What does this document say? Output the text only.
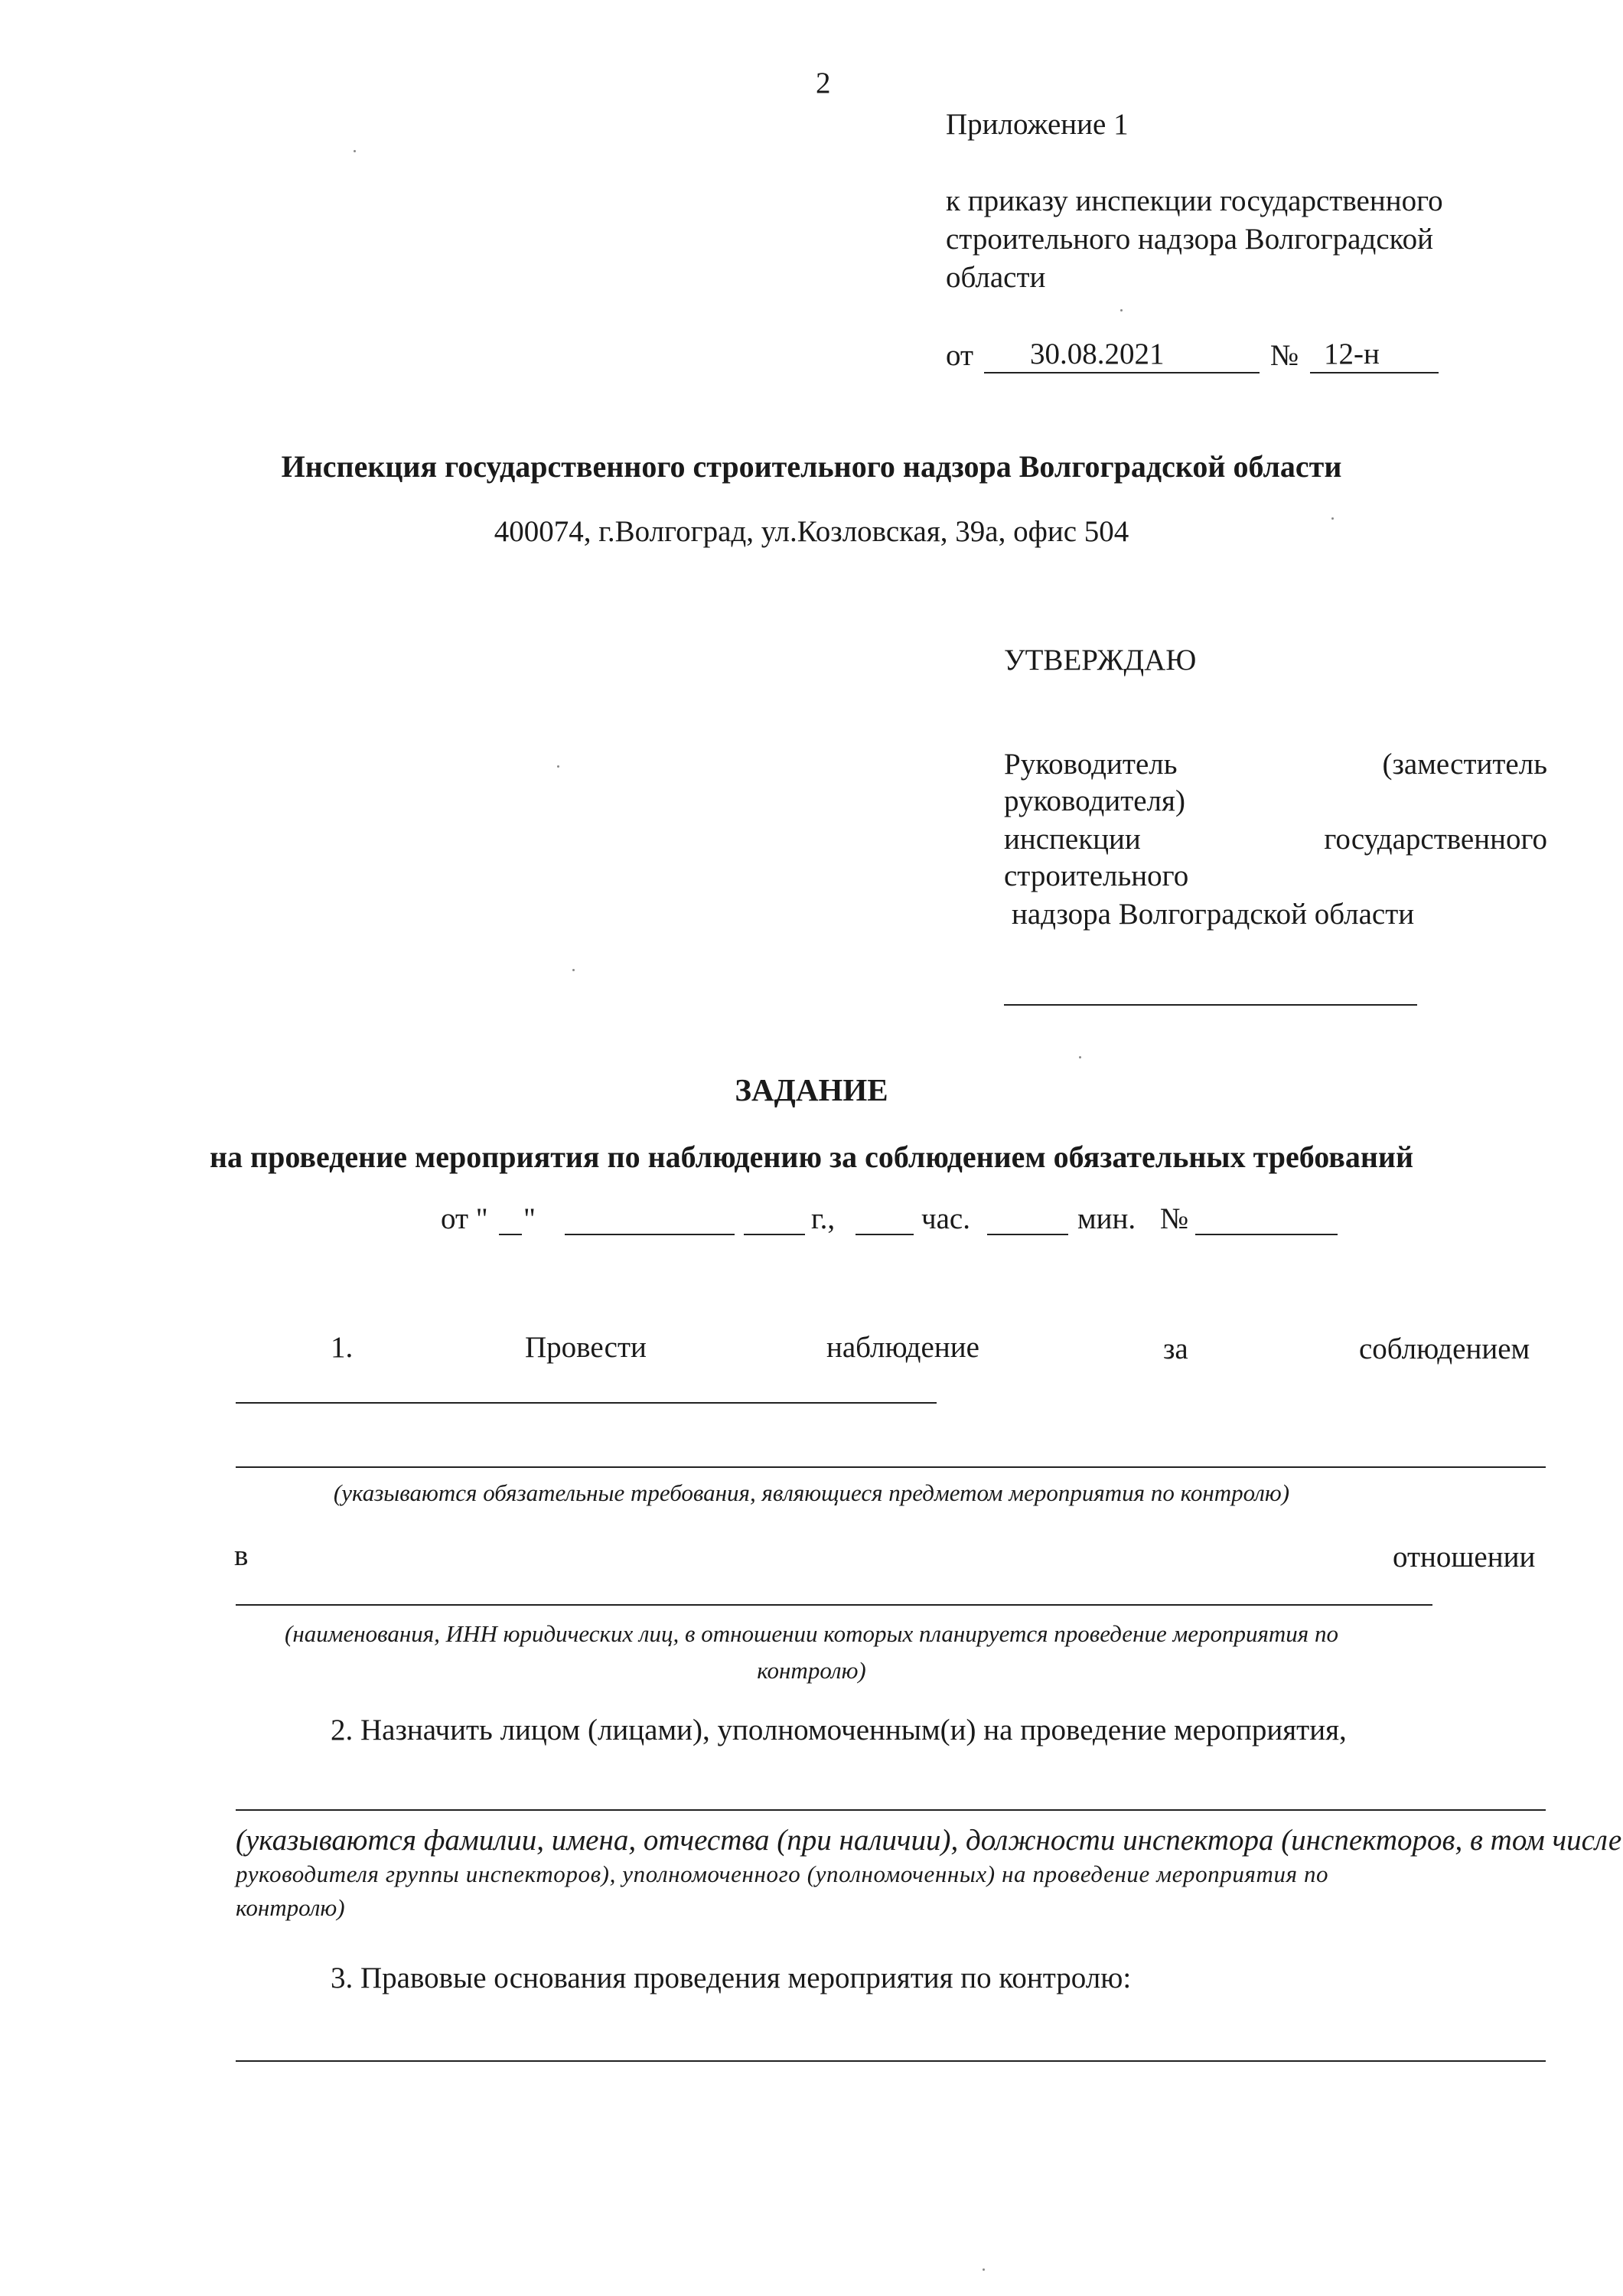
2
Приложение 1
к приказу инспекции государственного
строительного надзора Волгоградской
области
от 30.08.2021	№ 12-н
Инспекция государственного строительного надзора Волгоградской области
400074, г.Волгоград, ул.Козловская, 39а, офис 504
УТВЕРЖДАЮ
Руководитель	(заместитель
руководителя)
инспекции	государственного
строительного
надзора Волгоградской области
ЗАДАНИЕ
на проведение мероприятия по наблюдению за соблюдением обязательных требований
от " "	г.,	час.	мин. №
1.	Провести	наблюдение	за	соблюдением
(указываются обязательные требования, являющиеся предметом мероприятия по контролю)
в	отношении
(наименования, ИНН юридических лиц, в отношении которых планируется проведение мероприятия по
контролю)
2. Назначить лицом (лицами), уполномоченным(и) на проведение мероприятия,
(указываются фамилии, имена, отчества (при наличии), должности инспектора (инспекторов, в том числе
руководителя группы инспекторов), уполномоченного (уполномоченных) на проведение мероприятия по
контролю)
3. Правовые основания проведения мероприятия по контролю:
